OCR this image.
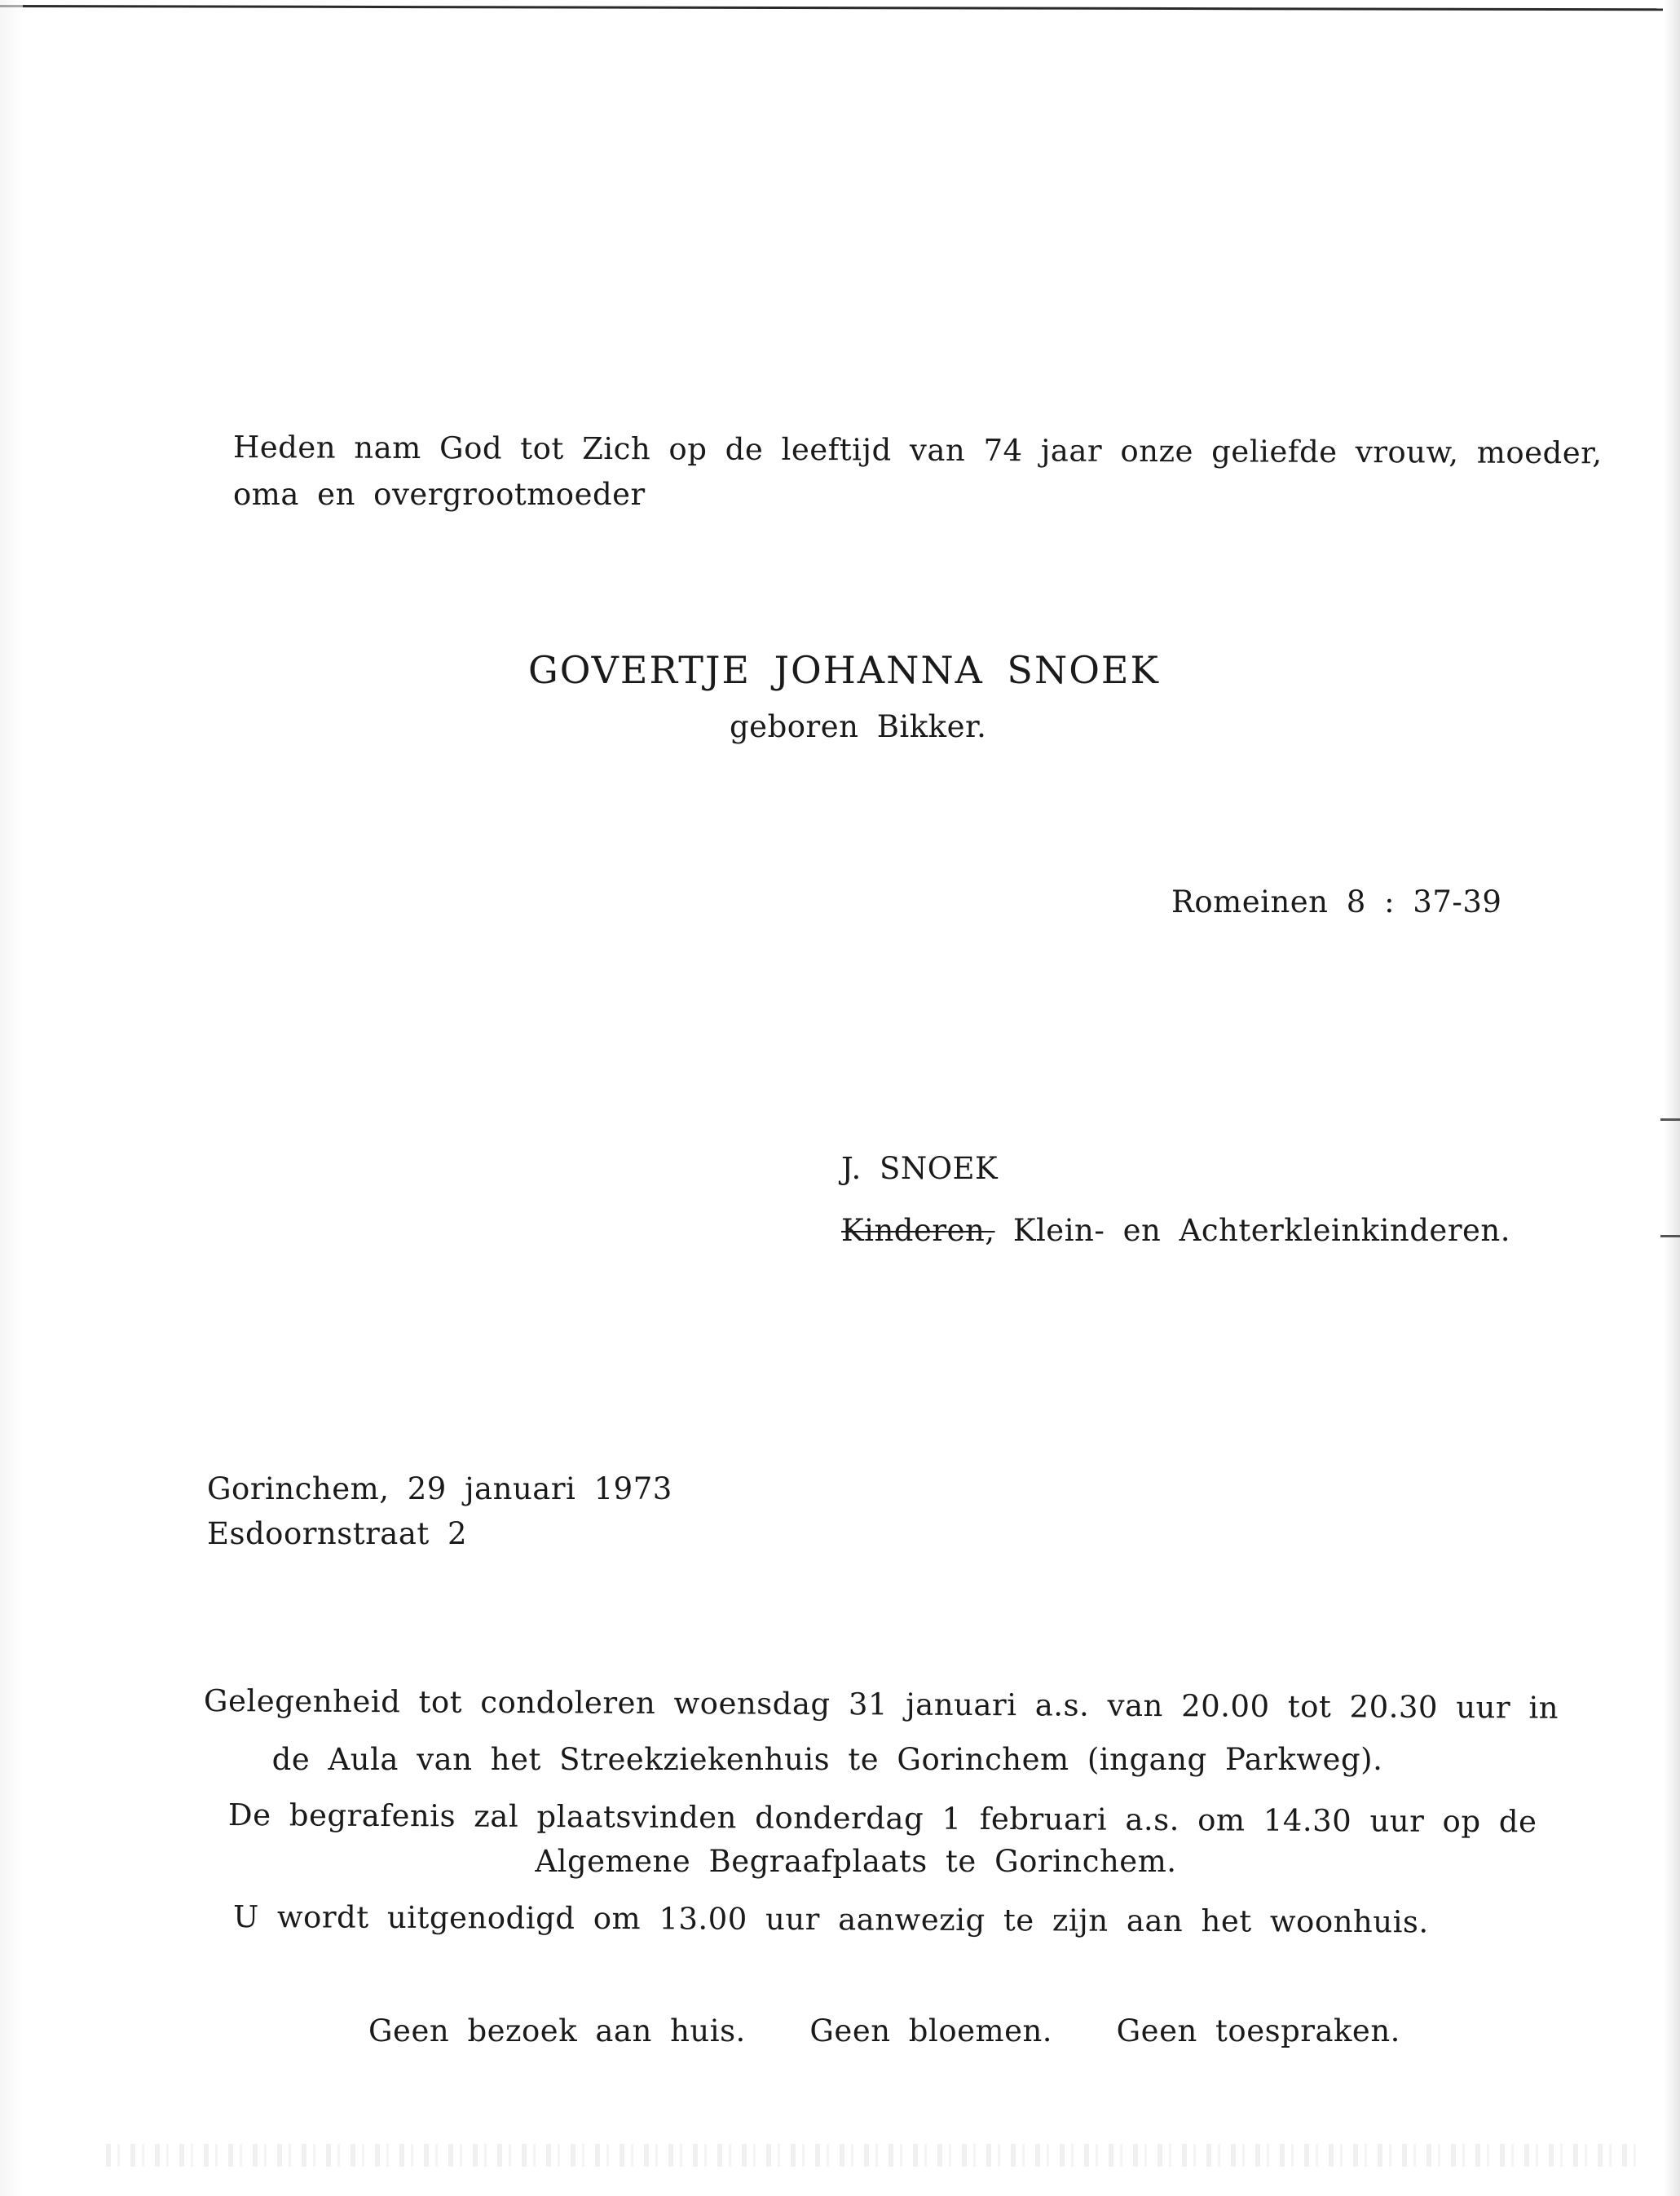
Heden nam God tot Zich op de leeftijd van 74 jaar onze geliefde vrouw, moeder,
oma en overgrootmoeder
GOVERTJE JOHANNA SNOEK
geboren Bikker.
Romeinen 8 : 37-39
J. SNOEK
Kinderen, Klein- en Achterkleinkinderen.
Gorinchem, 29 januari 1973
Esdoornstraat 2
Gelegenheid tot condoleren woensdag 31 januari a.s. van 20.00 tot 20.30 uur in
de Aula van het Streekziekenhuis te Gorinchem (ingang Parkweg).
De begrafenis zal plaatsvinden donderdag 1 februari a.s. om 14.30 uur op de
Algemene Begraafplaats te Gorinchem.
U wordt uitgenodigd om 13.00 uur aanwezig te zijn aan het woonhuis.
Geen bezoek aan huis. Geen bloemen. Geen toespraken.
